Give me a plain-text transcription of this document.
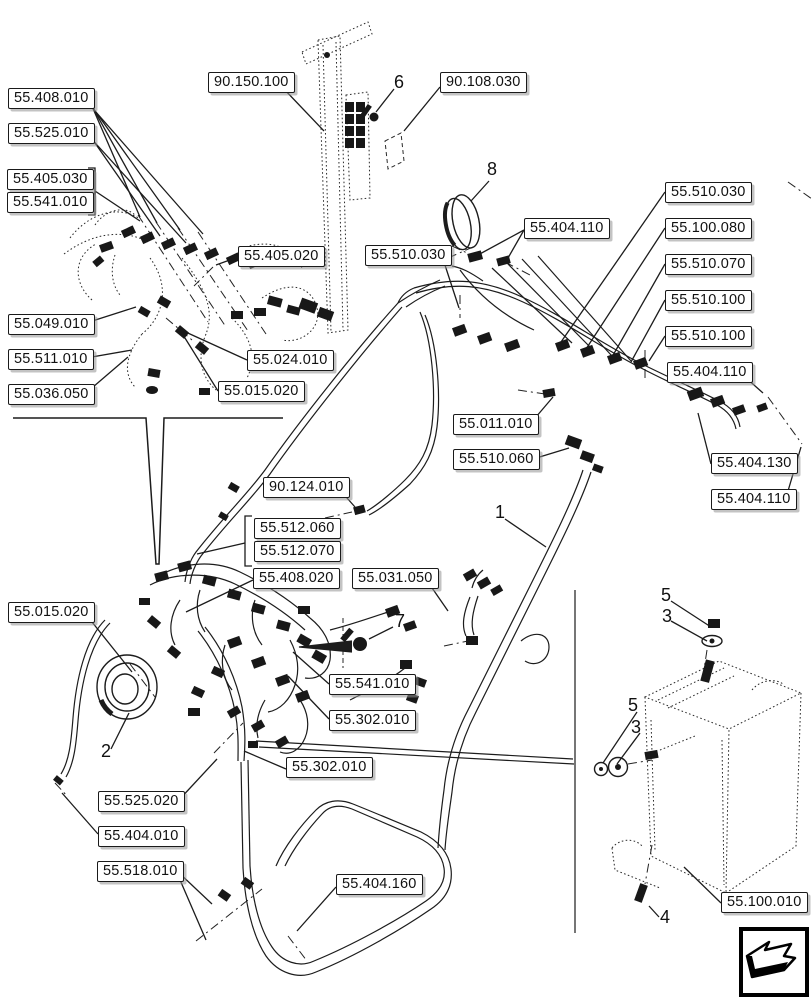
55.408.010
55.525.010
55.405.030
55.541.010
55.049.010
55.511.010
55.036.050
90.150.100	90.108.030
55.405.020	55.510.030
55.404.110
55.024.010
55.015.020
55.510.030
55.100.080
55.510.070
55.510.100
55.510.100
55.404.110
55.011.010
55.510.060	55.404.130
55.404.110
90.124.010
55.512.060
55.512.070
55.408.020	55.031.050
55.015.020
55.541.010
55.302.010
55.302.010
55.525.020
55.404.010
55.518.010
55.404.160
55.100.010
6
8
1
7
2
5
3
5
3
4
